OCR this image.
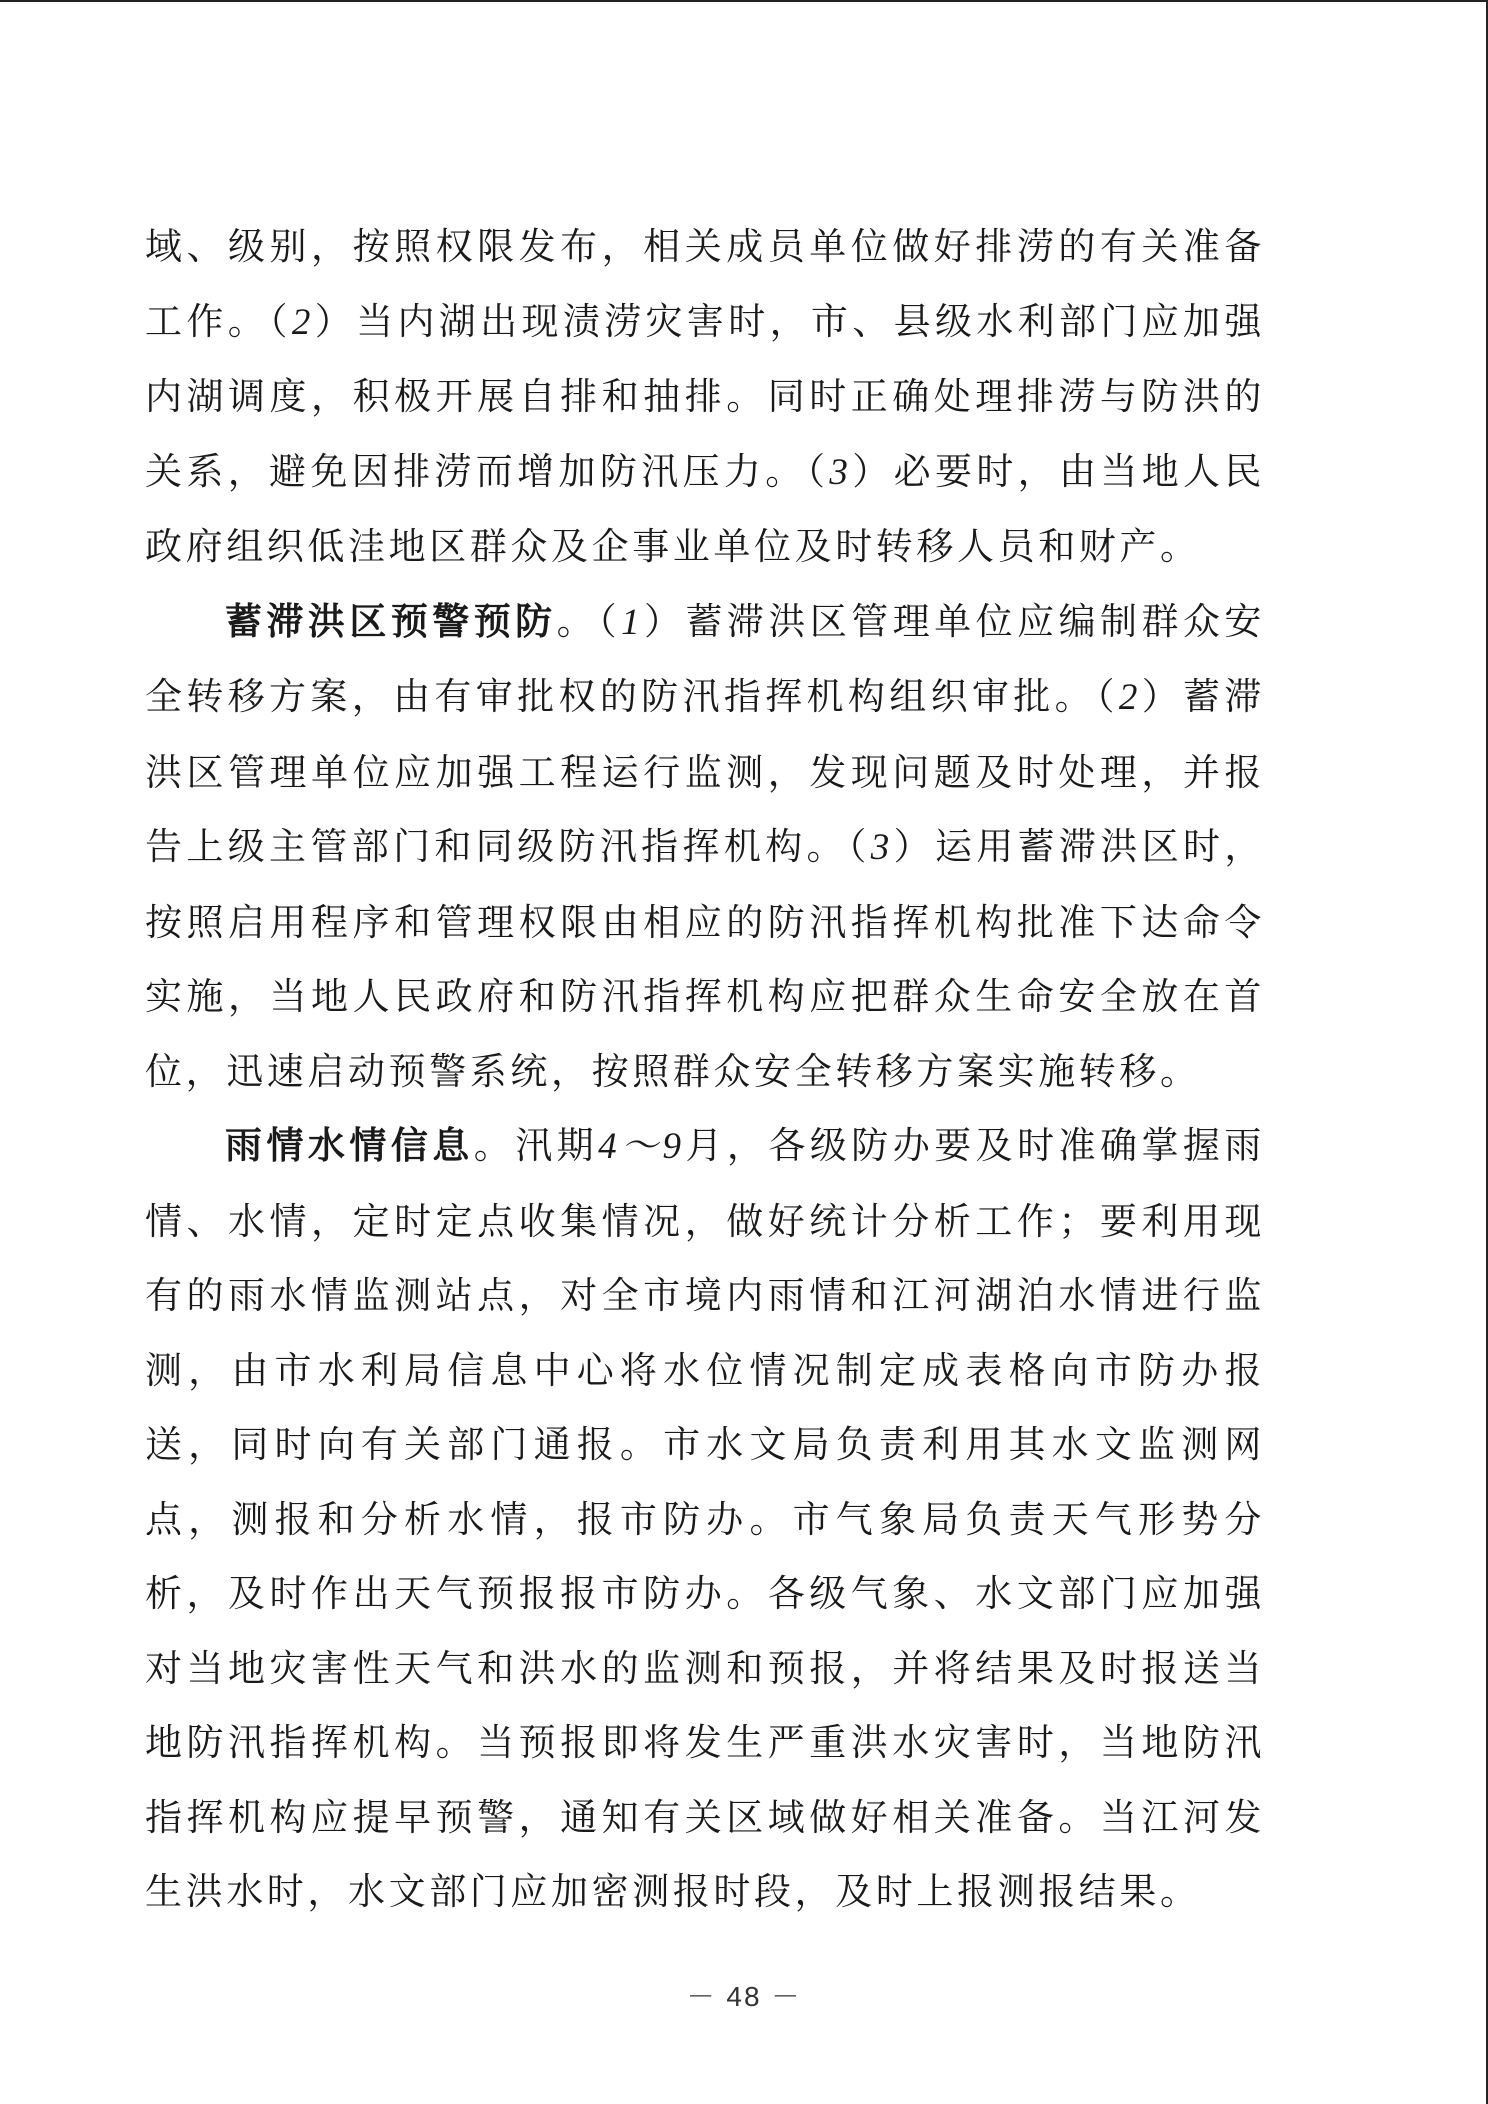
域、级别，按照权限发布，相关成员单位做好排涝的有关准备工作。（2）当内湖出现渍涝灾害时，市、县级水利部门应加强内湖调度，积极开展自排和抽排。同时正确处理排涝与防洪的关系，避免因排涝而增加防汛压力。（3）必要时，由当地人民政府组织低洼地区群众及企事业单位及时转移人员和财产。

蓄滞洪区预警预防。（1）蓄滞洪区管理单位应编制群众安全转移方案，由有审批权的防汛指挥机构组织审批。（2）蓄滞洪区管理单位应加强工程运行监测，发现问题及时处理，并报告上级主管部门和同级防汛指挥机构。（3）运用蓄滞洪区时，按照启用程序和管理权限由相应的防汛指挥机构批准下达命令实施，当地人民政府和防汛指挥机构应把群众生命安全放在首位，迅速启动预警系统，按照群众安全转移方案实施转移。

雨情水情信息。汛期4～9月，各级防办要及时准确掌握雨情、水情，定时定点收集情况，做好统计分析工作；要利用现有的雨水情监测站点，对全市境内雨情和江河湖泊水情进行监测，由市水利局信息中心将水位情况制定成表格向市防办报送，同时向有关部门通报。市水文局负责利用其水文监测网点，测报和分析水情，报市防办。市气象局负责天气形势分析，及时作出天气预报报市防办。各级气象、水文部门应加强对当地灾害性天气和洪水的监测和预报，并将结果及时报送当地防汛指挥机构。当预报即将发生严重洪水灾害时，当地防汛指挥机构应提早预警，通知有关区域做好相关准备。当江河发生洪水时，水文部门应加密测报时段，及时上报测报结果。

－ 48 －
